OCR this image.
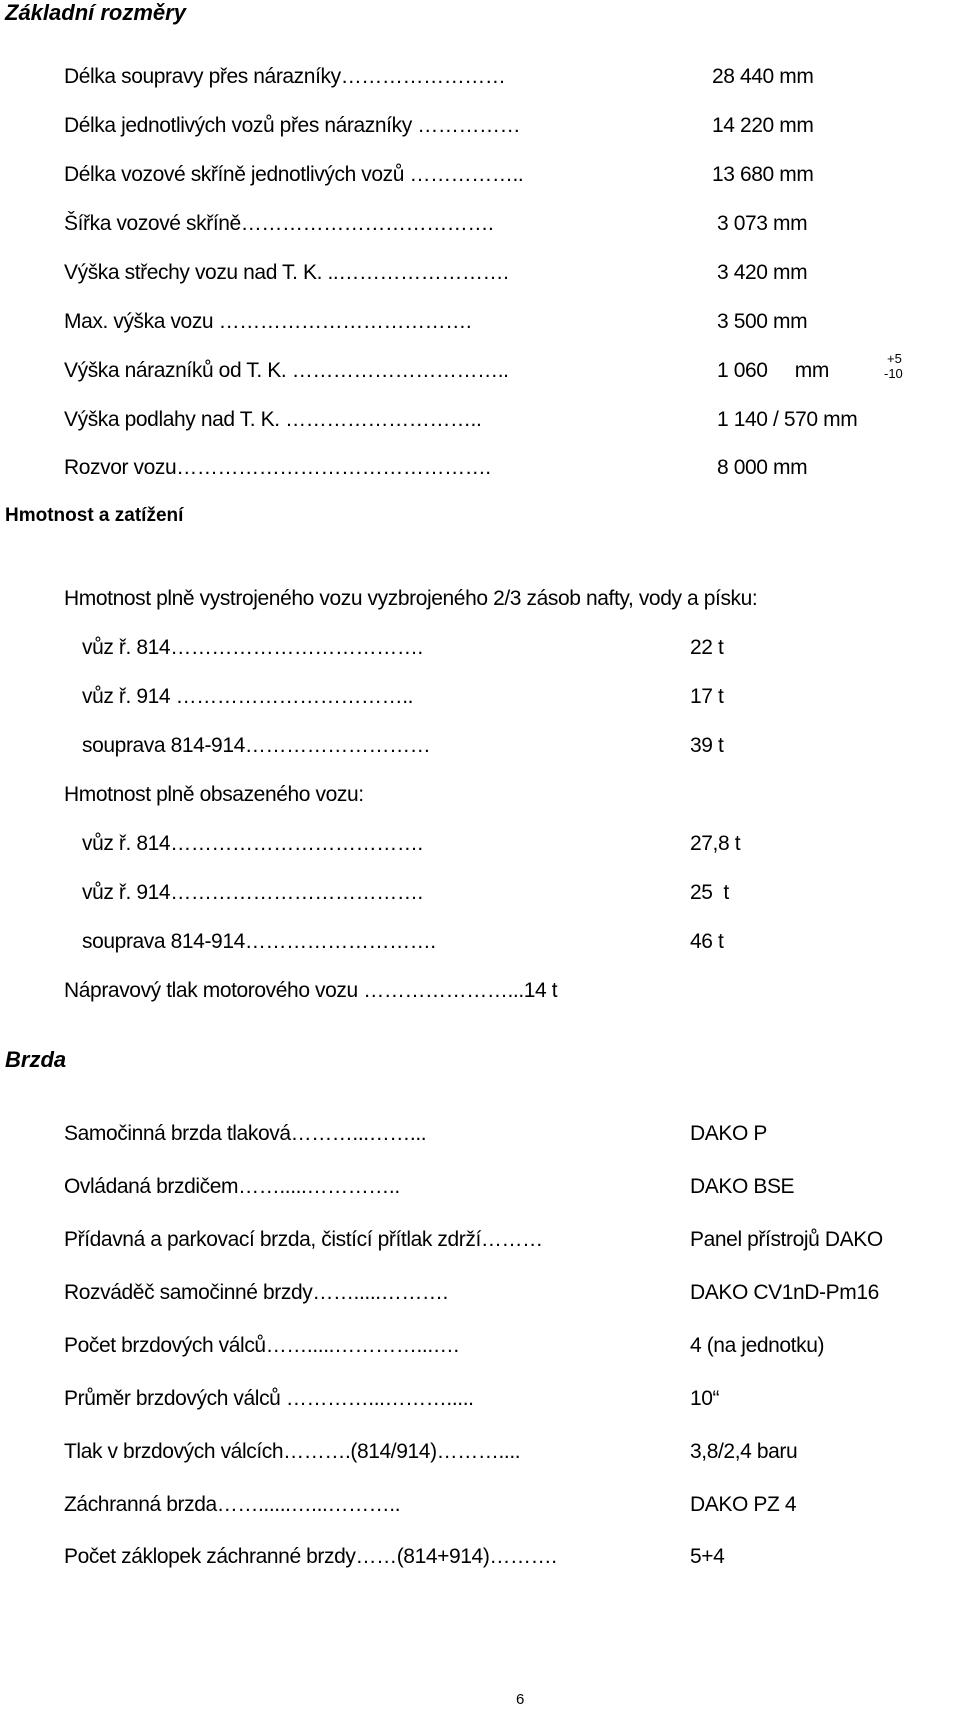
Základní rozměry
Délka soupravy přes nárazníky……………………	28 440 mm
Délka jednotlivých vozů přes nárazníky ……………	14 220 mm
Délka vozové skříně jednotlivých vozů ……………..	13 680 mm
Šířka vozové skříně……………………………….	3 073 mm
Výška střechy vozu nad T. K. ..…………………….	3 420 mm
Max. výška vozu ……………………………….	3 500 mm
Výška nárazníků od T. K. …………………………..	1 060     mm
+5
-10
Výška podlahy nad T. K. ………………………..	1 140 / 570 mm
Rozvor vozu……………………………………….	8 000 mm
Hmotnost a zatížení
Hmotnost plně vystrojeného vozu vyzbrojeného 2/3 zásob nafty, vody a písku:
vůz ř. 814……………………………….	22 t
vůz ř. 914 ……………………………..	17 t
souprava 814-914………………………	39 t
Hmotnost plně obsazeného vozu:
vůz ř. 814……………………………….	27,8 t
vůz ř. 914……………………………….	25  t
souprava 814-914……………………….	46 t
Nápravový tlak motorového vozu …………………...14 t
Brzda
Samočinná brzda tlaková………...……...	DAKO P
Ovládaná brzdičem…….....…………..	DAKO BSE
Přídavná a parkovací brzda, čistící přítlak zdrží………	Panel přístrojů DAKO
Rozváděč samočinné brzdy…….....……….	DAKO CV1nD-Pm16
Počet brzdových válců…….....…………...….	4 (na jednotku)
Průměr brzdových válců …………...……….....	10“
Tlak v brzdových válcích……….(814/914)………....	3,8/2,4 baru
Záchranná brzda……......…...………..	DAKO PZ 4
Počet záklopek záchranné brzdy……(814+914)……….	5+4
6
